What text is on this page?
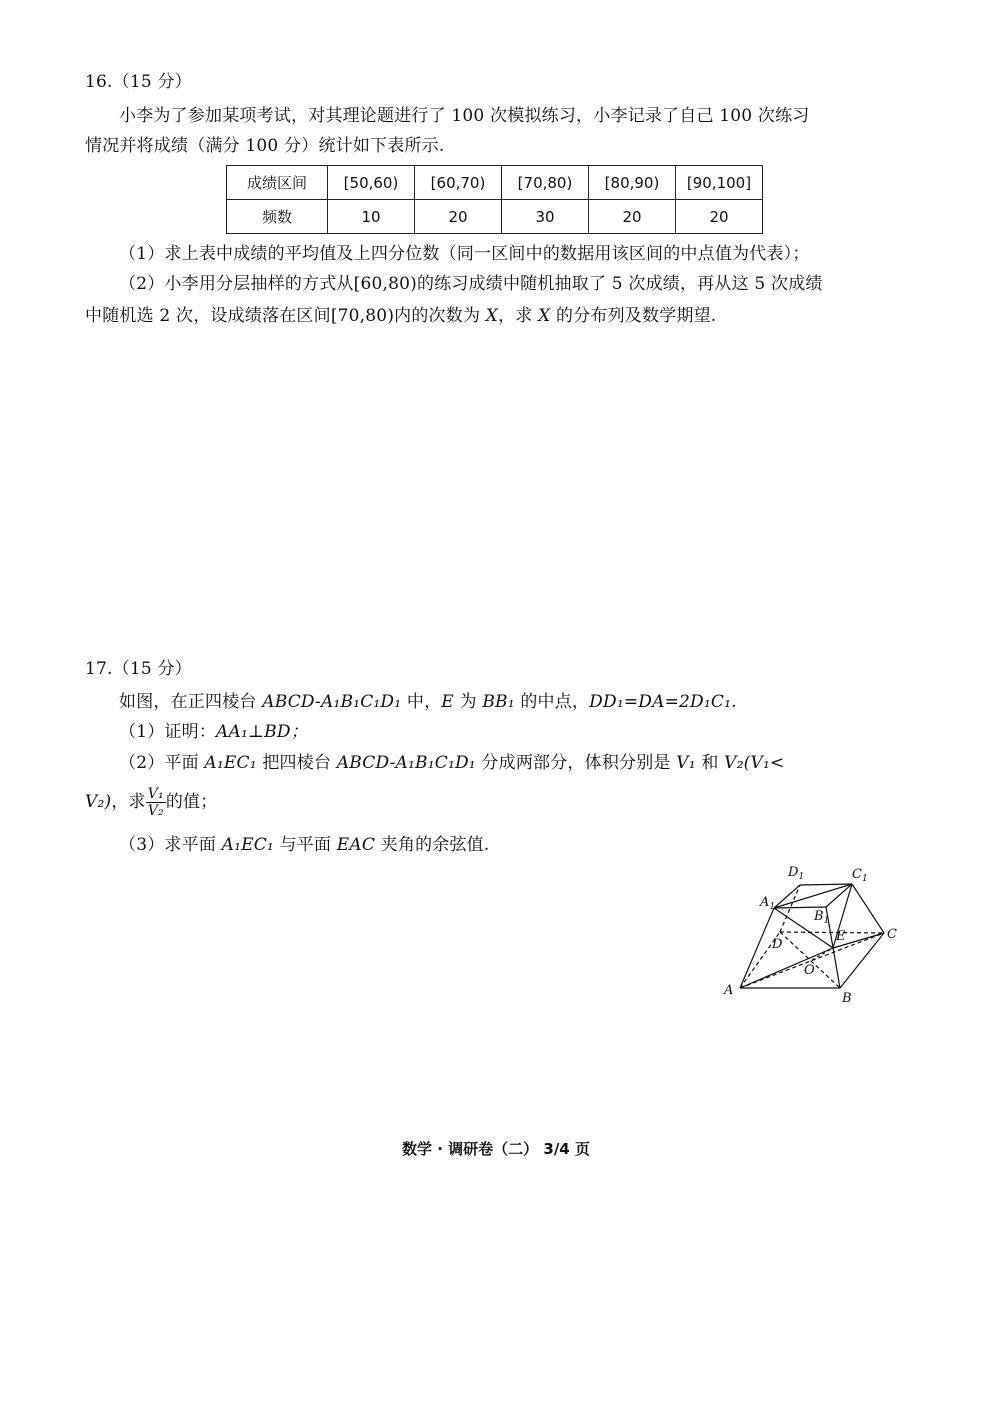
16.（15 分）
小李为了参加某项考试，对其理论题进行了 100 次模拟练习，小李记录了自己 100 次练习
情况并将成绩（满分 100 分）统计如下表所示.
成绩区间	[50,60)	[60,70)	[70,80)	[80,90)	[90,100]
频数	10	20	30	20	20
（1）求上表中成绩的平均值及上四分位数（同一区间中的数据用该区间的中点值为代表）；
（2）小李用分层抽样的方式从[60,80)的练习成绩中随机抽取了 5 次成绩，再从这 5 次成绩
中随机选 2 次，设成绩落在区间[70,80)内的次数为 X，求 X 的分布列及数学期望.
17.（15 分）
如图，在正四棱台 ABCD-A₁B₁C₁D₁ 中，E 为 BB₁ 的中点，DD₁=DA=2D₁C₁.
（1）证明：AA₁⊥BD；
（2）平面 A₁EC₁ 把四棱台 ABCD-A₁B₁C₁D₁ 分成两部分，体积分别是 V₁ 和 V₂(V₁<
V₂)，求 $\frac{\text{V₁}}{\text{V₂}}$ 的值；
（3）求平面 A₁EC₁ 与平面 EAC 夹角的余弦值.
A
B
C
D
O
E
$A_1$
$B_1$
$C_1$
$D_1$
数学 · 调研卷（二） 3/4 页
